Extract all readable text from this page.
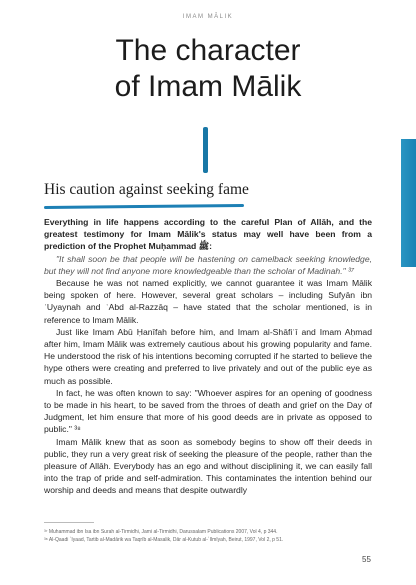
IMAM MĀLIK
The character
of Imam Mālik
His caution against seeking fame

Everything in life happens according to the careful Plan of Allāh, and the greatest testimony for Imam Mālik's status may well have been from a prediction of the Prophet Muḥammad ﷺ:

"It shall soon be that people will be hastening on camelback seeking knowledge, but they will not find anyone more knowledgeable than the scholar of Madinah." ³⁷

Because he was not named explicitly, we cannot guarantee it was Imam Mālik being spoken of here. However, several great scholars – including Sufyān ibn ʿUyaynah and ʿAbd al-Razzāq – have stated that the scholar mentioned, is in reference to Imam Mālik.

Just like Imam Abū Ḥanīfah before him, and Imam al-Shāfiʿī and Imam Aḥmad after him, Imam Mālik was extremely cautious about his growing popularity and fame. He understood the risk of his intentions becoming corrupted if he started to believe the hype others were creating and preferred to live privately and out of the public eye as much as possible.

In fact, he was often known to say: "Whoever aspires for an opening of goodness to be made in his heart, to be saved from the throes of death and grief on the Day of Judgment, let him ensure that more of his good deeds are in private as opposed to public." ³⁸

Imam Mālik knew that as soon as somebody begins to show off their deeds in public, they run a very great risk of seeking the pleasure of the people, rather than the pleasure of Allāh. Everybody has an ego and without disciplining it, we can easily fall into the trap of pride and self-admiration. This contaminates the intention behind our worship and deeds and means that despite outwardly

³⁷ Muhammad ibn Isa ibn Surah al-Tirmidhi, Jami al-Tirmidhi, Darussalam Publications 2007, Vol 4, p 344.

³⁸ Al-Qaadi ʿIyaad, Tartib al-Madārik wa Taqrīb al-Masalik, Dār al-Kutub al-ʿIlmīyah, Beirut, 1997, Vol 2, p 51.

55
